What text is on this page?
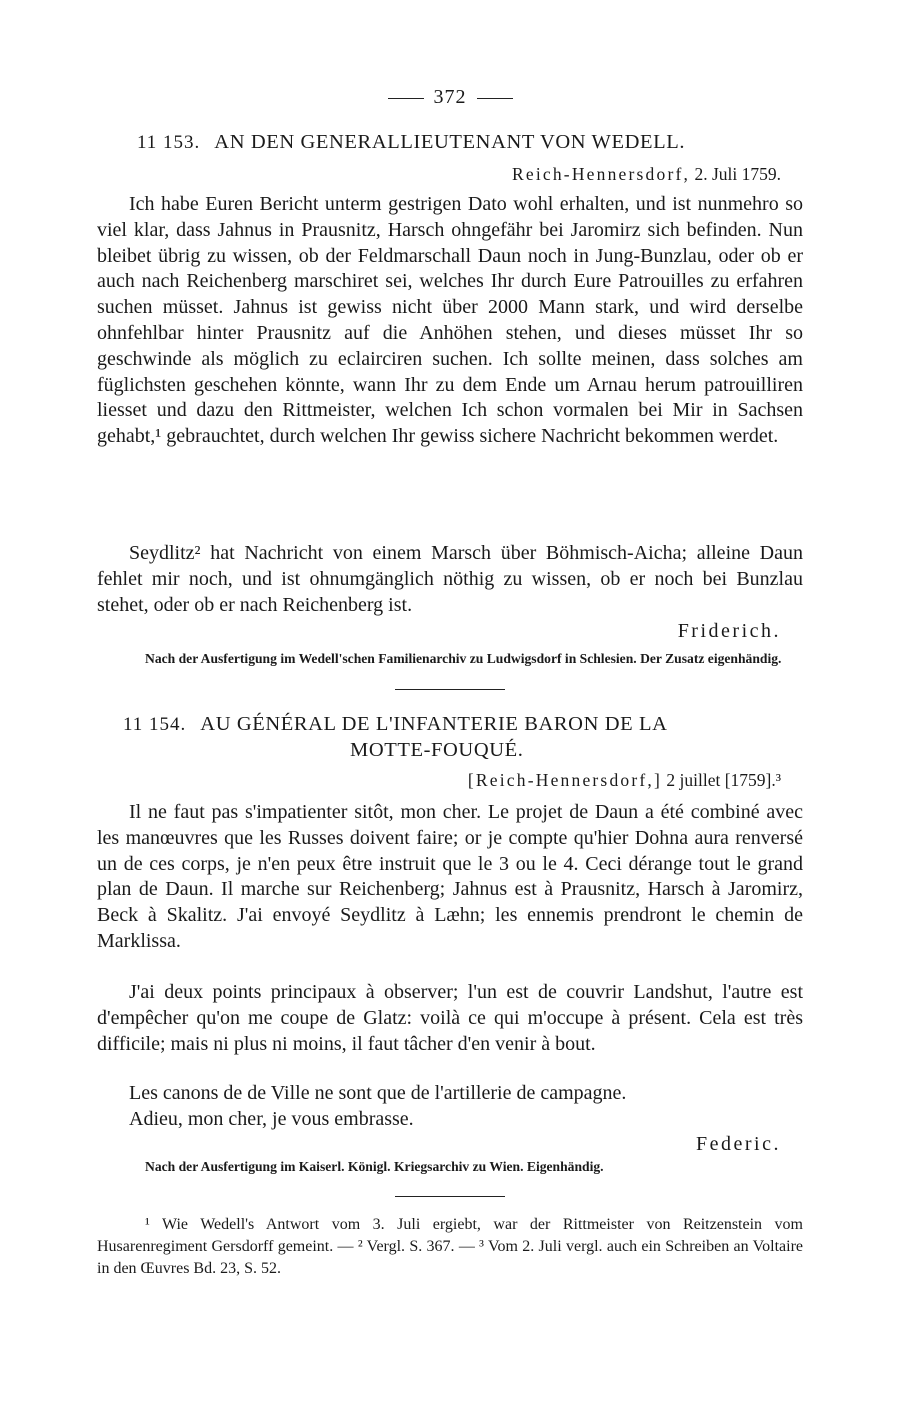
372
11 153. AN DEN GENERALLIEUTENANT VON WEDELL.
Reich-Hennersdorf, 2. Juli 1759.
Ich habe Euren Bericht unterm gestrigen Dato wohl erhalten, und ist nunmehro so viel klar, dass Jahnus in Prausnitz, Harsch ohngefähr bei Jaromirz sich befinden. Nun bleibet übrig zu wissen, ob der Feldmarschall Daun noch in Jung-Bunzlau, oder ob er auch nach Reichenberg marschiret sei, welches Ihr durch Eure Patrouilles zu erfahren suchen müsset. Jahnus ist gewiss nicht über 2000 Mann stark, und wird derselbe ohnfehlbar hinter Prausnitz auf die Anhöhen stehen, und dieses müsset Ihr so geschwinde als möglich zu eclairciren suchen. Ich sollte meinen, dass solches am füglichsten geschehen könnte, wann Ihr zu dem Ende um Arnau herum patrouilliren liesset und dazu den Rittmeister, welchen Ich schon vormalen bei Mir in Sachsen gehabt,¹ gebrauchtet, durch welchen Ihr gewiss sichere Nachricht bekommen werdet.
Seydlitz² hat Nachricht von einem Marsch über Böhmisch-Aicha; alleine Daun fehlet mir noch, und ist ohnumgänglich nöthig zu wissen, ob er noch bei Bunzlau stehet, oder ob er nach Reichenberg ist.
Friderich.
Nach der Ausfertigung im Wedell'schen Familienarchiv zu Ludwigsdorf in Schlesien. Der Zusatz eigenhändig.
11 154. AU GÉNÉRAL DE L'INFANTERIE BARON DE LA
MOTTE-FOUQUÉ.
[Reich-Hennersdorf,] 2 juillet [1759].³
Il ne faut pas s'impatienter sitôt, mon cher. Le projet de Daun a été combiné avec les manœuvres que les Russes doivent faire; or je compte qu'hier Dohna aura renversé un de ces corps, je n'en peux être instruit que le 3 ou le 4. Ceci dérange tout le grand plan de Daun. Il marche sur Reichenberg; Jahnus est à Prausnitz, Harsch à Jaromirz, Beck à Skalitz. J'ai envoyé Seydlitz à Læhn; les ennemis prendront le chemin de Marklissa.
J'ai deux points principaux à observer; l'un est de couvrir Landshut, l'autre est d'empêcher qu'on me coupe de Glatz: voilà ce qui m'occupe à présent. Cela est très difficile; mais ni plus ni moins, il faut tâcher d'en venir à bout.
Les canons de de Ville ne sont que de l'artillerie de campagne.
Adieu, mon cher, je vous embrasse.
Federic.
Nach der Ausfertigung im Kaiserl. Königl. Kriegsarchiv zu Wien. Eigenhändig.
¹ Wie Wedell's Antwort vom 3. Juli ergiebt, war der Rittmeister von Reitzenstein vom Husarenregiment Gersdorff gemeint. — ² Vergl. S. 367. — ³ Vom 2. Juli vergl. auch ein Schreiben an Voltaire in den Œuvres Bd. 23, S. 52.
